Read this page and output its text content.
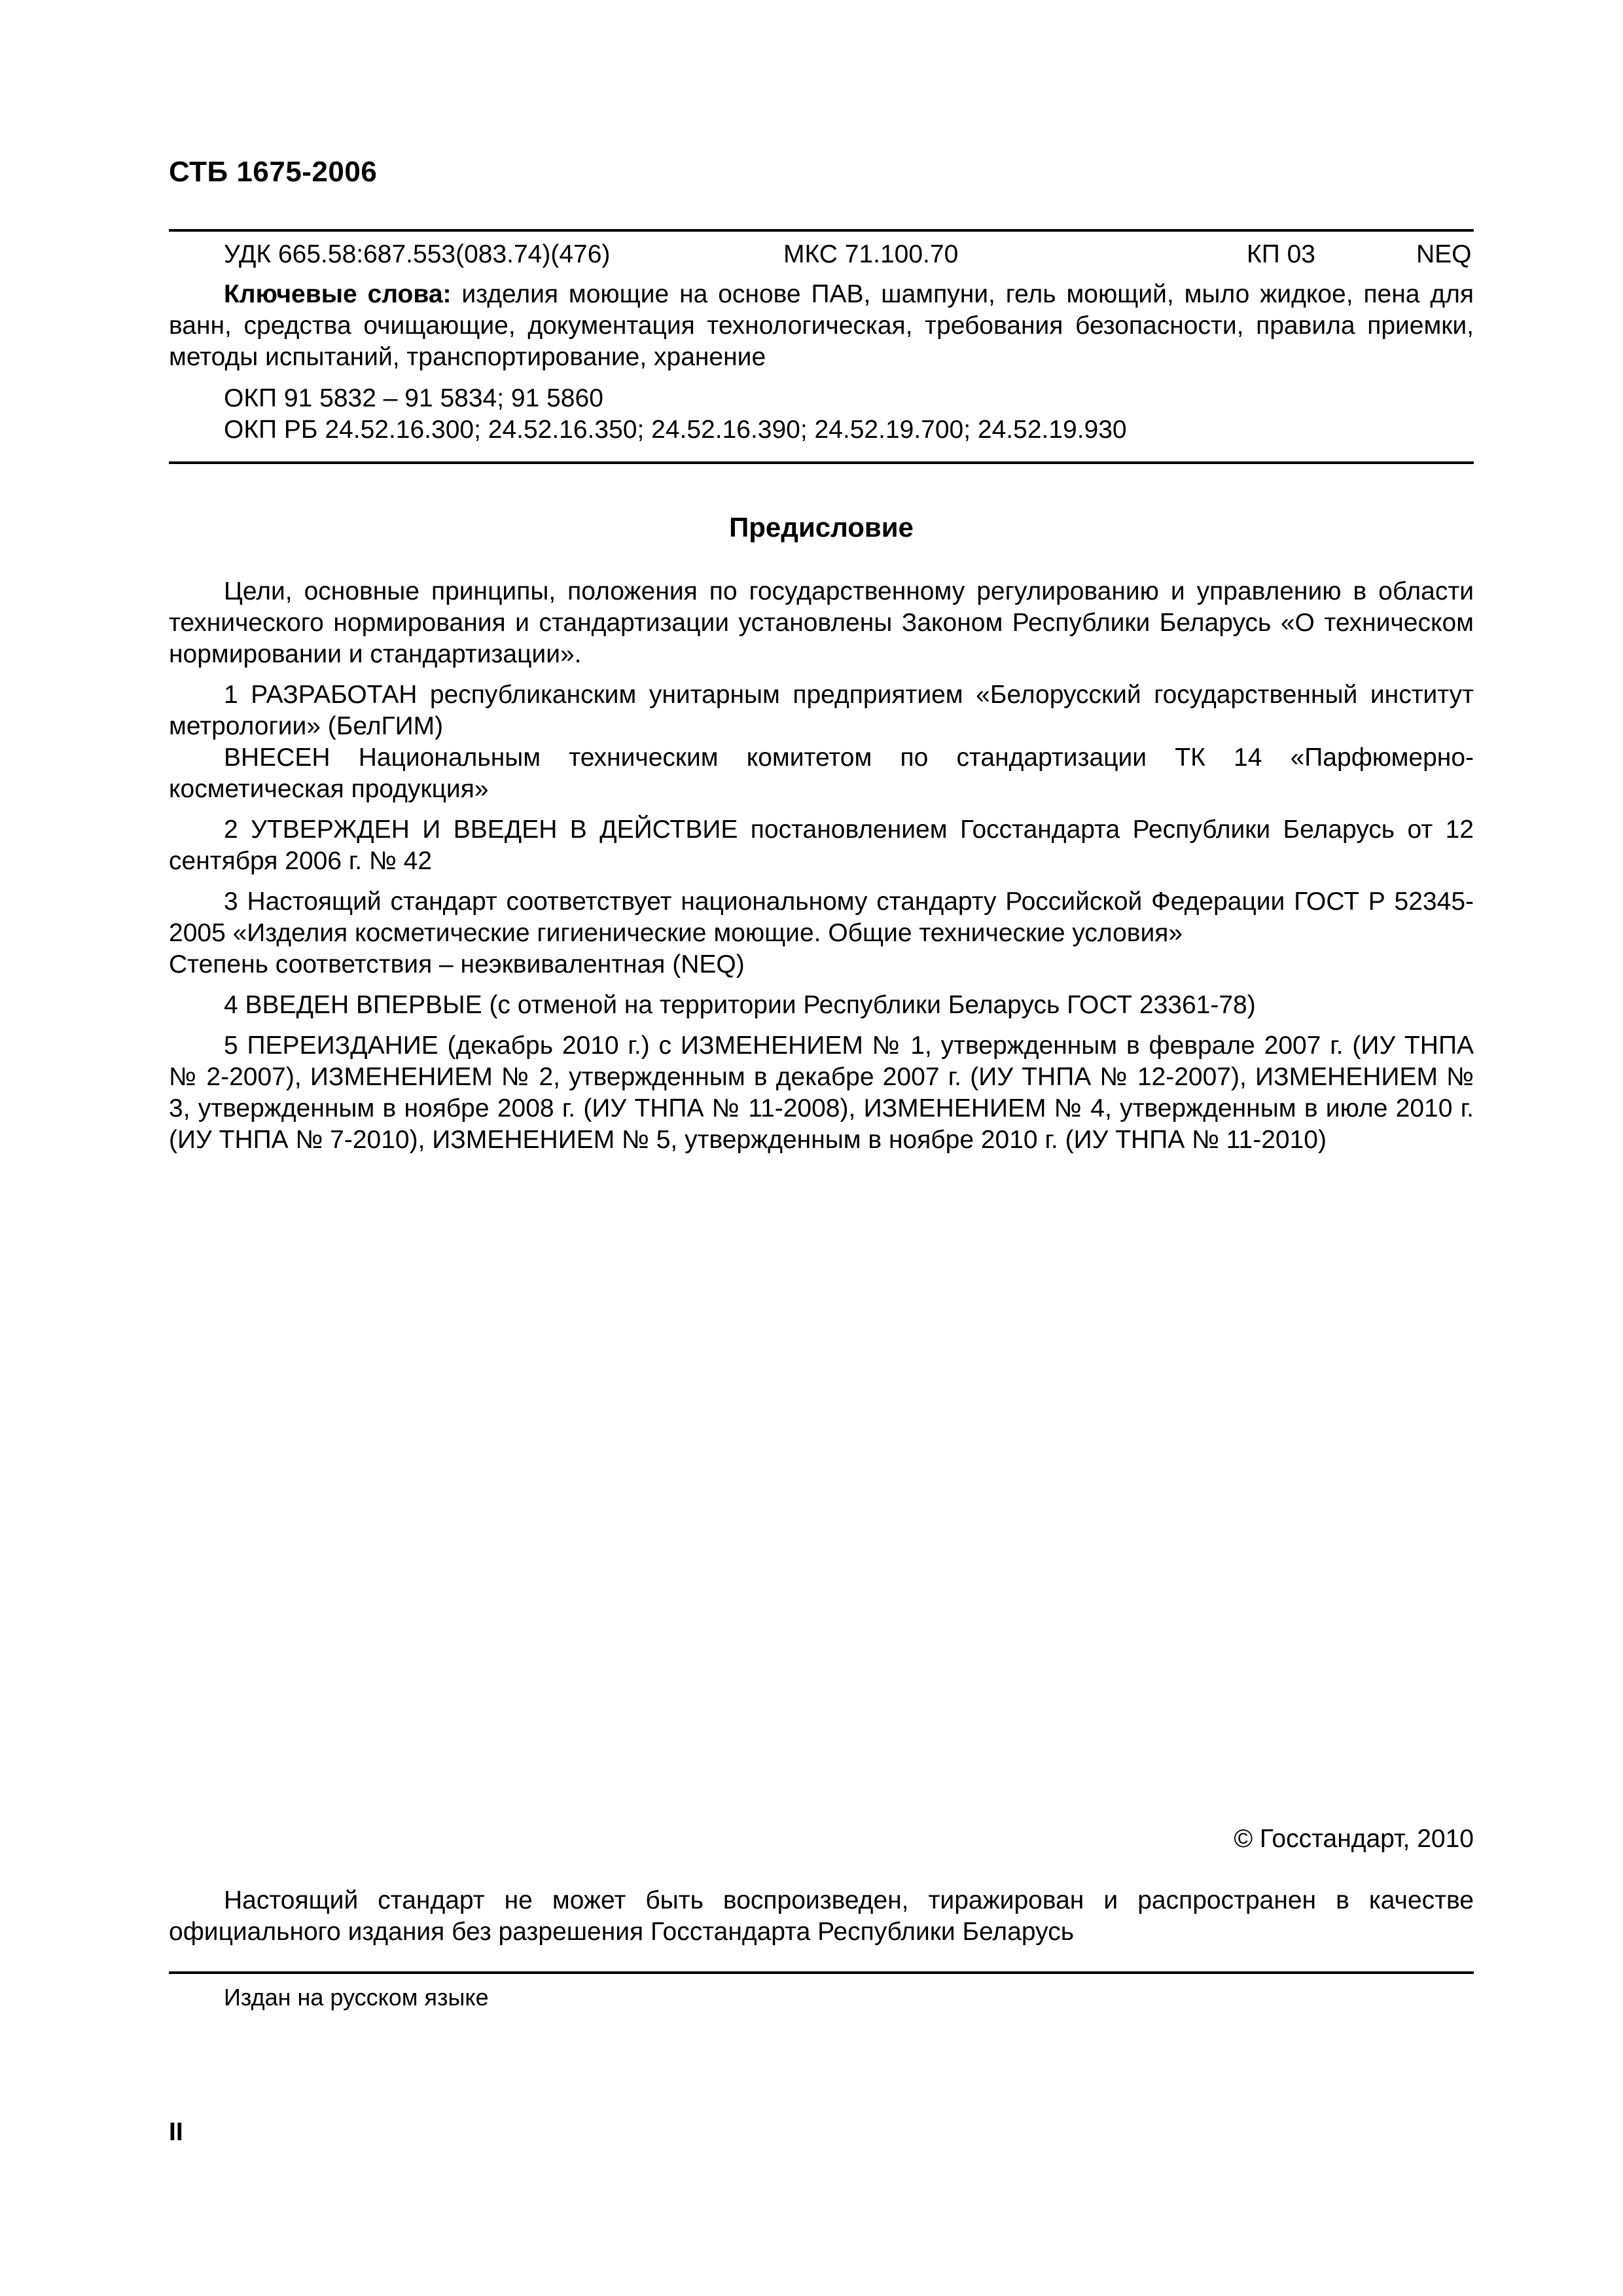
СТБ 1675-2006
УДК 665.58:687.553(083.74)(476)	МКС 71.100.70	КП 03	NEQ
Ключевые слова: изделия моющие на основе ПАВ, шампуни, гель моющий, мыло жидкое, пена для ванн, средства очищающие, документация технологическая, требования безопасности, правила приемки, методы испытаний, транспортирование, хранение
ОКП 91 5832 – 91 5834; 91 5860
ОКП РБ 24.52.16.300; 24.52.16.350; 24.52.16.390; 24.52.19.700; 24.52.19.930
Предисловие

Цели, основные принципы, положения по государственному регулированию и управлению в области технического нормирования и стандартизации установлены Законом Республики Беларусь «О техническом нормировании и стандартизации».

1 РАЗРАБОТАН республиканским унитарным предприятием «Белорусский государственный институт метрологии» (БелГИМ)

ВНЕСЕН Национальным техническим комитетом по стандартизации ТК 14 «Парфюмерно-косметическая продукция»

2 УТВЕРЖДЕН И ВВЕДЕН В ДЕЙСТВИЕ постановлением Госстандарта Республики Беларусь от 12 сентября 2006 г. № 42

3 Настоящий стандарт соответствует национальному стандарту Российской Федерации ГОСТ Р 52345-2005 «Изделия косметические гигиенические моющие. Общие технические условия»

Степень соответствия – неэквивалентная (NEQ)

4 ВВЕДЕН ВПЕРВЫЕ (с отменой на территории Республики Беларусь ГОСТ 23361-78)

5 ПЕРЕИЗДАНИЕ (декабрь 2010 г.) с ИЗМЕНЕНИЕМ № 1, утвержденным в феврале 2007 г. (ИУ ТНПА № 2-2007), ИЗМЕНЕНИЕМ № 2, утвержденным в декабре 2007 г. (ИУ ТНПА № 12-2007), ИЗМЕНЕНИЕМ № 3, утвержденным в ноябре 2008 г. (ИУ ТНПА № 11-2008), ИЗМЕНЕНИЕМ № 4, утвержденным в июле 2010 г. (ИУ ТНПА № 7-2010), ИЗМЕНЕНИЕМ № 5, утвержденным в ноябре 2010 г. (ИУ ТНПА № 11-2010)

© Госстандарт, 2010
Настоящий стандарт не может быть воспроизведен, тиражирован и распространен в качестве официального издания без разрешения Госстандарта Республики Беларусь
Издан на русском языке
II
